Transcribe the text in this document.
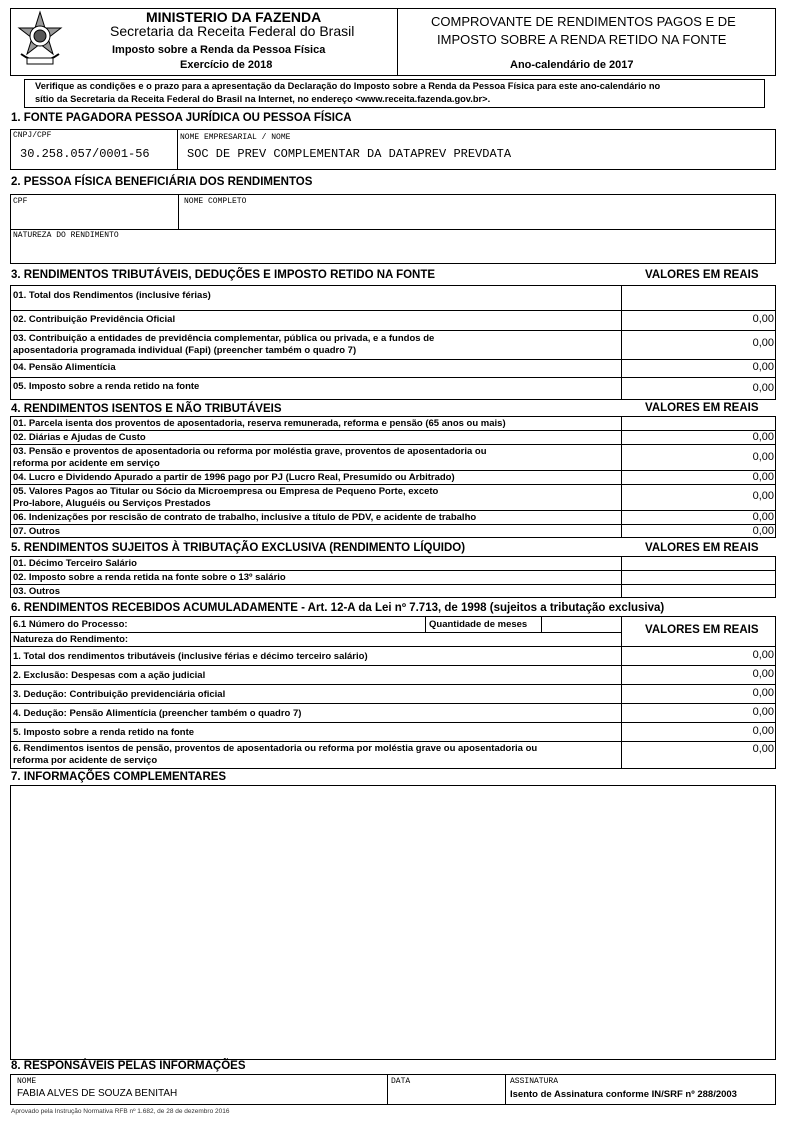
MINISTERIO DA FAZENDA
Secretaria da Receita Federal do Brasil
Imposto sobre a Renda da Pessoa Física
Exercício de 2018
COMPROVANTE DE RENDIMENTOS PAGOS E DE
IMPOSTO SOBRE A RENDA RETIDO NA FONTE
Ano-calendário de 2017
Verifique as condições e o prazo para a apresentação da Declaração do Imposto sobre a Renda da Pessoa Física para este ano-calendário no
sítio da Secretaria da Receita Federal do Brasil na Internet, no endereço <www.receita.fazenda.gov.br>.
1. FONTE PAGADORA PESSOA JURÍDICA OU PESSOA FÍSICA
CNPJ/CPF
30.258.057/0001-56
NOME EMPRESARIAL / NOME
SOC DE PREV COMPLEMENTAR DA DATAPREV PREVDATA
2. PESSOA FÍSICA BENEFICIÁRIA DOS RENDIMENTOS
CPF	NOME COMPLETO
NATUREZA DO RENDIMENTO
3. RENDIMENTOS TRIBUTÁVEIS, DEDUÇÕES E IMPOSTO RETIDO NA FONTE	VALORES EM REAIS
01. Total dos Rendimentos (inclusive férias)
02. Contribuição Previdência Oficial	0,00
03. Contribuição a entidades de previdência complementar, pública ou privada, e a fundos de
aposentadoria programada individual (Fapi) (preencher também o quadro 7)
0,00
04. Pensão Alimentícia	0,00
05. Imposto sobre a renda retido na fonte	0,00
4. RENDIMENTOS ISENTOS E NÃO TRIBUTÁVEIS	VALORES EM REAIS
01. Parcela isenta dos proventos de aposentadoria, reserva remunerada, reforma e pensão (65 anos ou mais)
02. Diárias e Ajudas de Custo	0,00
03. Pensão e proventos de aposentadoria ou reforma por moléstia grave, proventos de aposentadoria ou
reforma por acidente em serviço
0,00
04. Lucro e Dividendo Apurado a partir de 1996 pago por PJ (Lucro Real, Presumido ou Arbitrado)	0,00
05. Valores Pagos ao Titular ou Sócio da Microempresa ou Empresa de Pequeno Porte, exceto
Pro-labore, Aluguéis ou Serviços Prestados
0,00
06. Indenizações por rescisão de contrato de trabalho, inclusive a título de PDV, e acidente de trabalho	0,00
07. Outros	0,00
5. RENDIMENTOS SUJEITOS À TRIBUTAÇÃO EXCLUSIVA (RENDIMENTO LÍQUIDO)	VALORES EM REAIS
01. Décimo Terceiro Salário
02. Imposto sobre a renda retida na fonte sobre o 13º salário
03. Outros
6. RENDIMENTOS RECEBIDOS ACUMULADAMENTE - Art. 12-A da Lei nº 7.713, de 1998 (sujeitos a tributação exclusiva)
6.1 Número do Processo:	Quantidade de meses
Natureza do Rendimento:
VALORES EM REAIS
1. Total dos rendimentos tributáveis (inclusive férias e décimo terceiro salário)	0,00
2. Exclusão: Despesas com a ação judicial	0,00
3. Dedução: Contribuição previdenciária oficial	0,00
4. Dedução: Pensão Alimentícia (preencher também o quadro 7)	0,00
5. Imposto sobre a renda retido na fonte	0,00
6. Rendimentos isentos de pensão, proventos de aposentadoria ou reforma por moléstia grave ou aposentadoria ou
reforma por acidente de serviço
0,00
7. INFORMAÇÕES COMPLEMENTARES
8. RESPONSÁVEIS PELAS INFORMAÇÕES
NOME
FABIA ALVES DE SOUZA BENITAH
DATA	ASSINATURA
Isento de Assinatura conforme IN/SRF nº 288/2003
Aprovado pela Instrução Normativa RFB nº 1.682, de 28 de dezembro 2016
